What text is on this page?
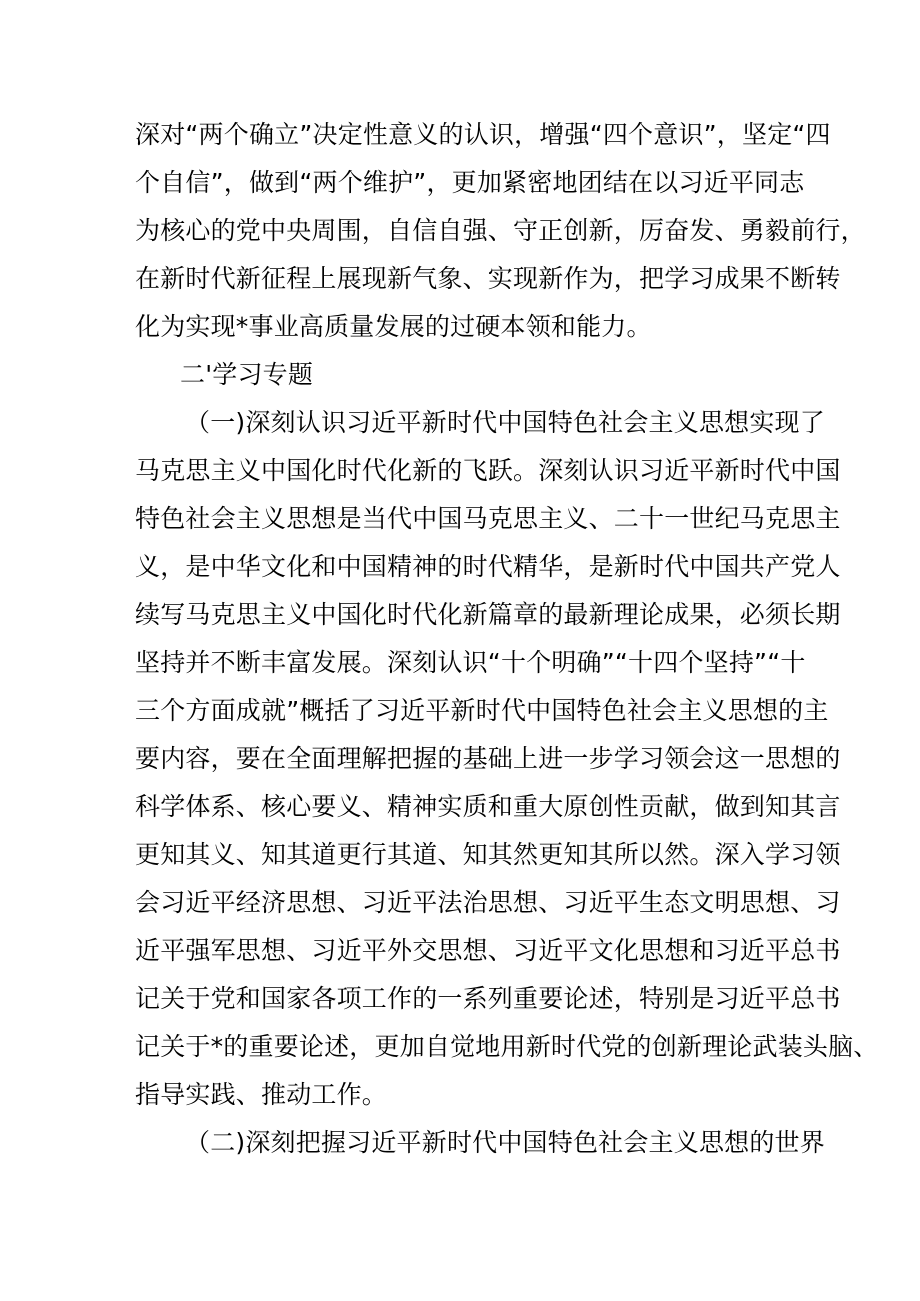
深对“两个确立”决定性意义的认识，增强“四个意识”，坚定“四
个自信”，做到“两个维护”，更加紧密地团结在以习近平同志
为核心的党中央周围，自信自强、守正创新，厉奋发、勇毅前行，
在新时代新征程上展现新气象、实现新作为，把学习成果不断转
化为实现*事业高质量发展的过硬本领和能力。
二'学习专题
（一)深刻认识习近平新时代中国特色社会主义思想实现了
马克思主义中国化时代化新的飞跃。深刻认识习近平新时代中国
特色社会主义思想是当代中国马克思主义、二十一世纪马克思主
义，是中华文化和中国精神的时代精华，是新时代中国共产党人
续写马克思主义中国化时代化新篇章的最新理论成果，必须长期
坚持并不断丰富发展。深刻认识“十个明确”“十四个坚持”“十
三个方面成就”概括了习近平新时代中国特色社会主义思想的主
要内容，要在全面理解把握的基础上进一步学习领会这一思想的
科学体系、核心要义、精神实质和重大原创性贡献，做到知其言
更知其义、知其道更行其道、知其然更知其所以然。深入学习领
会习近平经济思想、习近平法治思想、习近平生态文明思想、习
近平强军思想、习近平外交思想、习近平文化思想和习近平总书
记关于党和国家各项工作的一系列重要论述，特别是习近平总书
记关于*的重要论述，更加自觉地用新时代党的创新理论武装头脑、
指导实践、推动工作。
（二)深刻把握习近平新时代中国特色社会主义思想的世界
